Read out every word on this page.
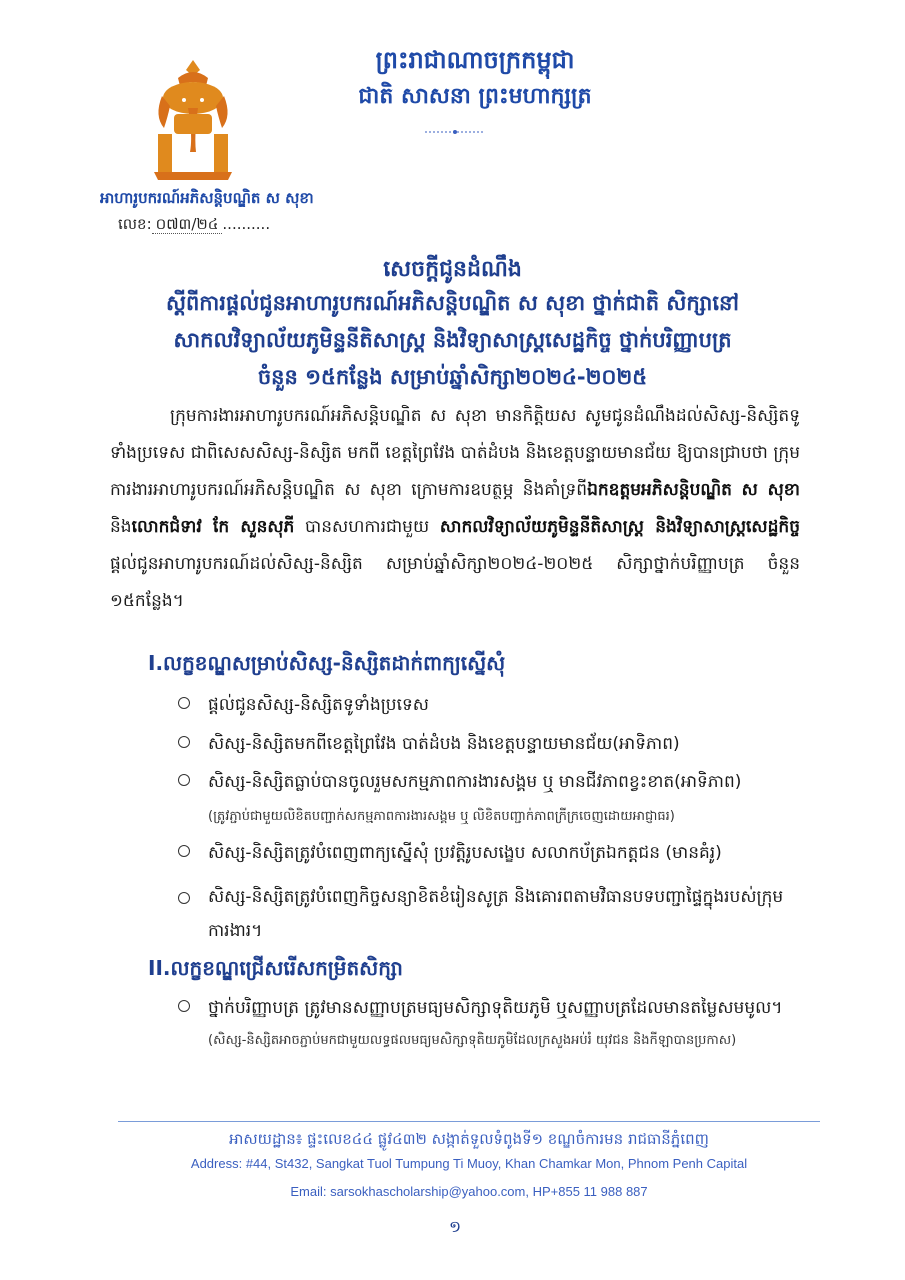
អាហារូបករណ៍អភិសន្តិបណ្ឌិត ស សុខា
លេខ: ០៧៣/២៤ ..........
ព្រះរាជាណាចក្រកម្ពុជា
ជាតិ សាសនា ព្រះមហាក្សត្រ
សេចក្តីជូនដំណឹង
ស្តីពីការផ្តល់ជូនអាហារូបករណ៍អភិសន្តិបណ្ឌិត ស សុខា ថ្នាក់ជាតិ សិក្សានៅ
សាកលវិទ្យាល័យភូមិន្ទនីតិសាស្ត្រ និងវិទ្យាសាស្ត្រសេដ្ឋកិច្ច ថ្នាក់បរិញ្ញាបត្រ
ចំនួន ១៥កន្លែង សម្រាប់ឆ្នាំសិក្សា២០២៤-២០២៥
ក្រុមការងារអាហារូបករណ៍អភិសន្តិបណ្ឌិត ស សុខា មានកិត្តិយស សូមជូនដំណឹងដល់សិស្ស-និស្សិតទូទាំងប្រទេស ជាពិសេសសិស្ស-និស្សិត មកពី ខេត្តព្រៃវែង បាត់ដំបង និងខេត្តបន្ទាយមានជ័យ ឱ្យបានជ្រាបថា ក្រុមការងារអាហារូបករណ៍អភិសន្តិបណ្ឌិត ស សុខា ក្រោមការឧបត្ថម្ភ និងគាំទ្រពីឯកឧត្តមអភិសន្តិបណ្ឌិត ស សុខា និងលោកជំទាវ កែ សួនសុភី បានសហការជាមួយ សាកលវិទ្យាល័យភូមិន្ទនីតិសាស្ត្រ និងវិទ្យាសាស្ត្រសេដ្ឋកិច្ច ផ្តល់ជូនអាហារូបករណ៍ដល់សិស្ស-និស្សិត សម្រាប់ឆ្នាំសិក្សា២០២៤-២០២៥ សិក្សាថ្នាក់បរិញ្ញាបត្រ ចំនួន ១៥កន្លែង។
I.លក្ខខណ្ឌសម្រាប់សិស្ស-និស្សិតដាក់ពាក្យស្នើសុំ
ផ្តល់ជូនសិស្ស-និស្សិតទូទាំងប្រទេស
សិស្ស-និស្សិតមកពីខេត្តព្រៃវែង បាត់ដំបង និងខេត្តបន្ទាយមានជ័យ(អាទិភាព)
សិស្ស-និស្សិតធ្លាប់បានចូលរួមសកម្មភាពការងារសង្គម ឬ មានជីវភាពខ្វះខាត(អាទិភាព)
(ត្រូវភ្ជាប់ជាមួយលិខិតបញ្ជាក់សកម្មភាពការងារសង្គម ឬ លិខិតបញ្ជាក់ភាពក្រីក្រចេញដោយអាជ្ញាធរ)
សិស្ស-និស្សិតត្រូវបំពេញពាក្យស្នើសុំ ប្រវត្តិរូបសង្ខេប សលាកប័ត្រឯកត្តជន (មានគំរូ)
សិស្ស-និស្សិតត្រូវបំពេញកិច្ចសន្យាខិតខំរៀនសូត្រ និងគោរពតាមវិធានបទបញ្ជាផ្ទៃក្នុងរបស់ក្រុមការងារ។
II.លក្ខខណ្ឌជ្រើសរើសកម្រិតសិក្សា
ថ្នាក់បរិញ្ញាបត្រ ត្រូវមានសញ្ញាបត្រមធ្យមសិក្សាទុតិយភូមិ ឬសញ្ញាបត្រដែលមានតម្លៃសមមូល។
(សិស្ស-និស្សិតអាចភ្ជាប់មកជាមួយលទ្ធផលមធ្យមសិក្សាទុតិយភូមិដែលក្រសួងអប់រំ យុវជន និងកីឡាបានប្រកាស)
អាសយដ្ឋាន៖ ផ្ទះលេខ៤៤ ផ្លូវ៤៣២ សង្កាត់ទួលទំពូងទី១ ខណ្ឌចំការមន រាជធានីភ្នំពេញ
Address: #44, St432, Sangkat Tuol Tumpung Ti Muoy, Khan Chamkar Mon, Phnom Penh Capital
Email: sarsokhascholarship@yahoo.com, HP+855 11 988 887
១
